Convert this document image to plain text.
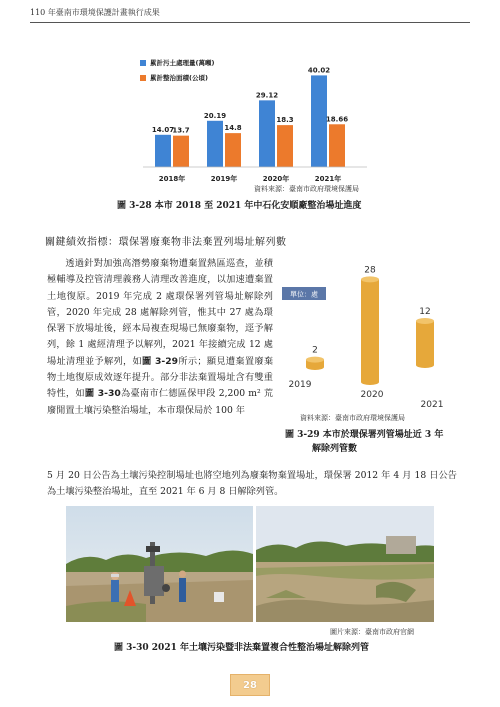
110 年臺南市環境保護計畫執行成果
14.07
13.7
2018年
20.19
14.8
2019年
29.12
18.3
2020年
40.02
18.66
2021年
累計污土處理量(萬噸)
累計整治面積(公頃)
資料來源：臺南市政府環境保護局
圖 3-28 本市 2018 至 2021 年中石化安順廠整治場址進度
關鍵績效指標：環保署廢棄物非法棄置列場址解列數

透過針對加強高潛勢廢棄物遭棄置熱區巡查，並積極輔導及控管清理義務人清理改善進度，以加速遭棄置土地復原。2019 年完成 2 處環保署列管場址解除列管，2020 年完成 28 處解除列管，惟其中 27 處為環保署下放場址後，經本局複查現場已無廢棄物，逕予解列，餘 1 處經清理予以解列，2021 年接續完成 12 處場址清理並予解列，如圖 3-29所示；顯見遭棄置廢棄物土地復原成效逐年提升。部分非法棄置場址含有雙重特性，如圖 3-30為臺南市仁德區保甲段 2,200 m² 荒廢閒置土壤污染整治場址，本市環保局於 100 年

5 月 20 日公告為土壤污染控制場址也將空地列為廢棄物棄置場址，環保署 2012 年 4 月 18 日公告為土壤污染整治場址，直至 2021 年 6 月 8 日解除列管。
2
2019
28
2020
12
2021
單位：處
資料來源：臺南市政府環境保護局
圖 3-29 本市於環保署列管場址近 3 年
解除列管數
圖片來源：臺南市政府官網
圖 3-30 2021 年土壤污染暨非法棄置複合性整治場址解除列管
28
